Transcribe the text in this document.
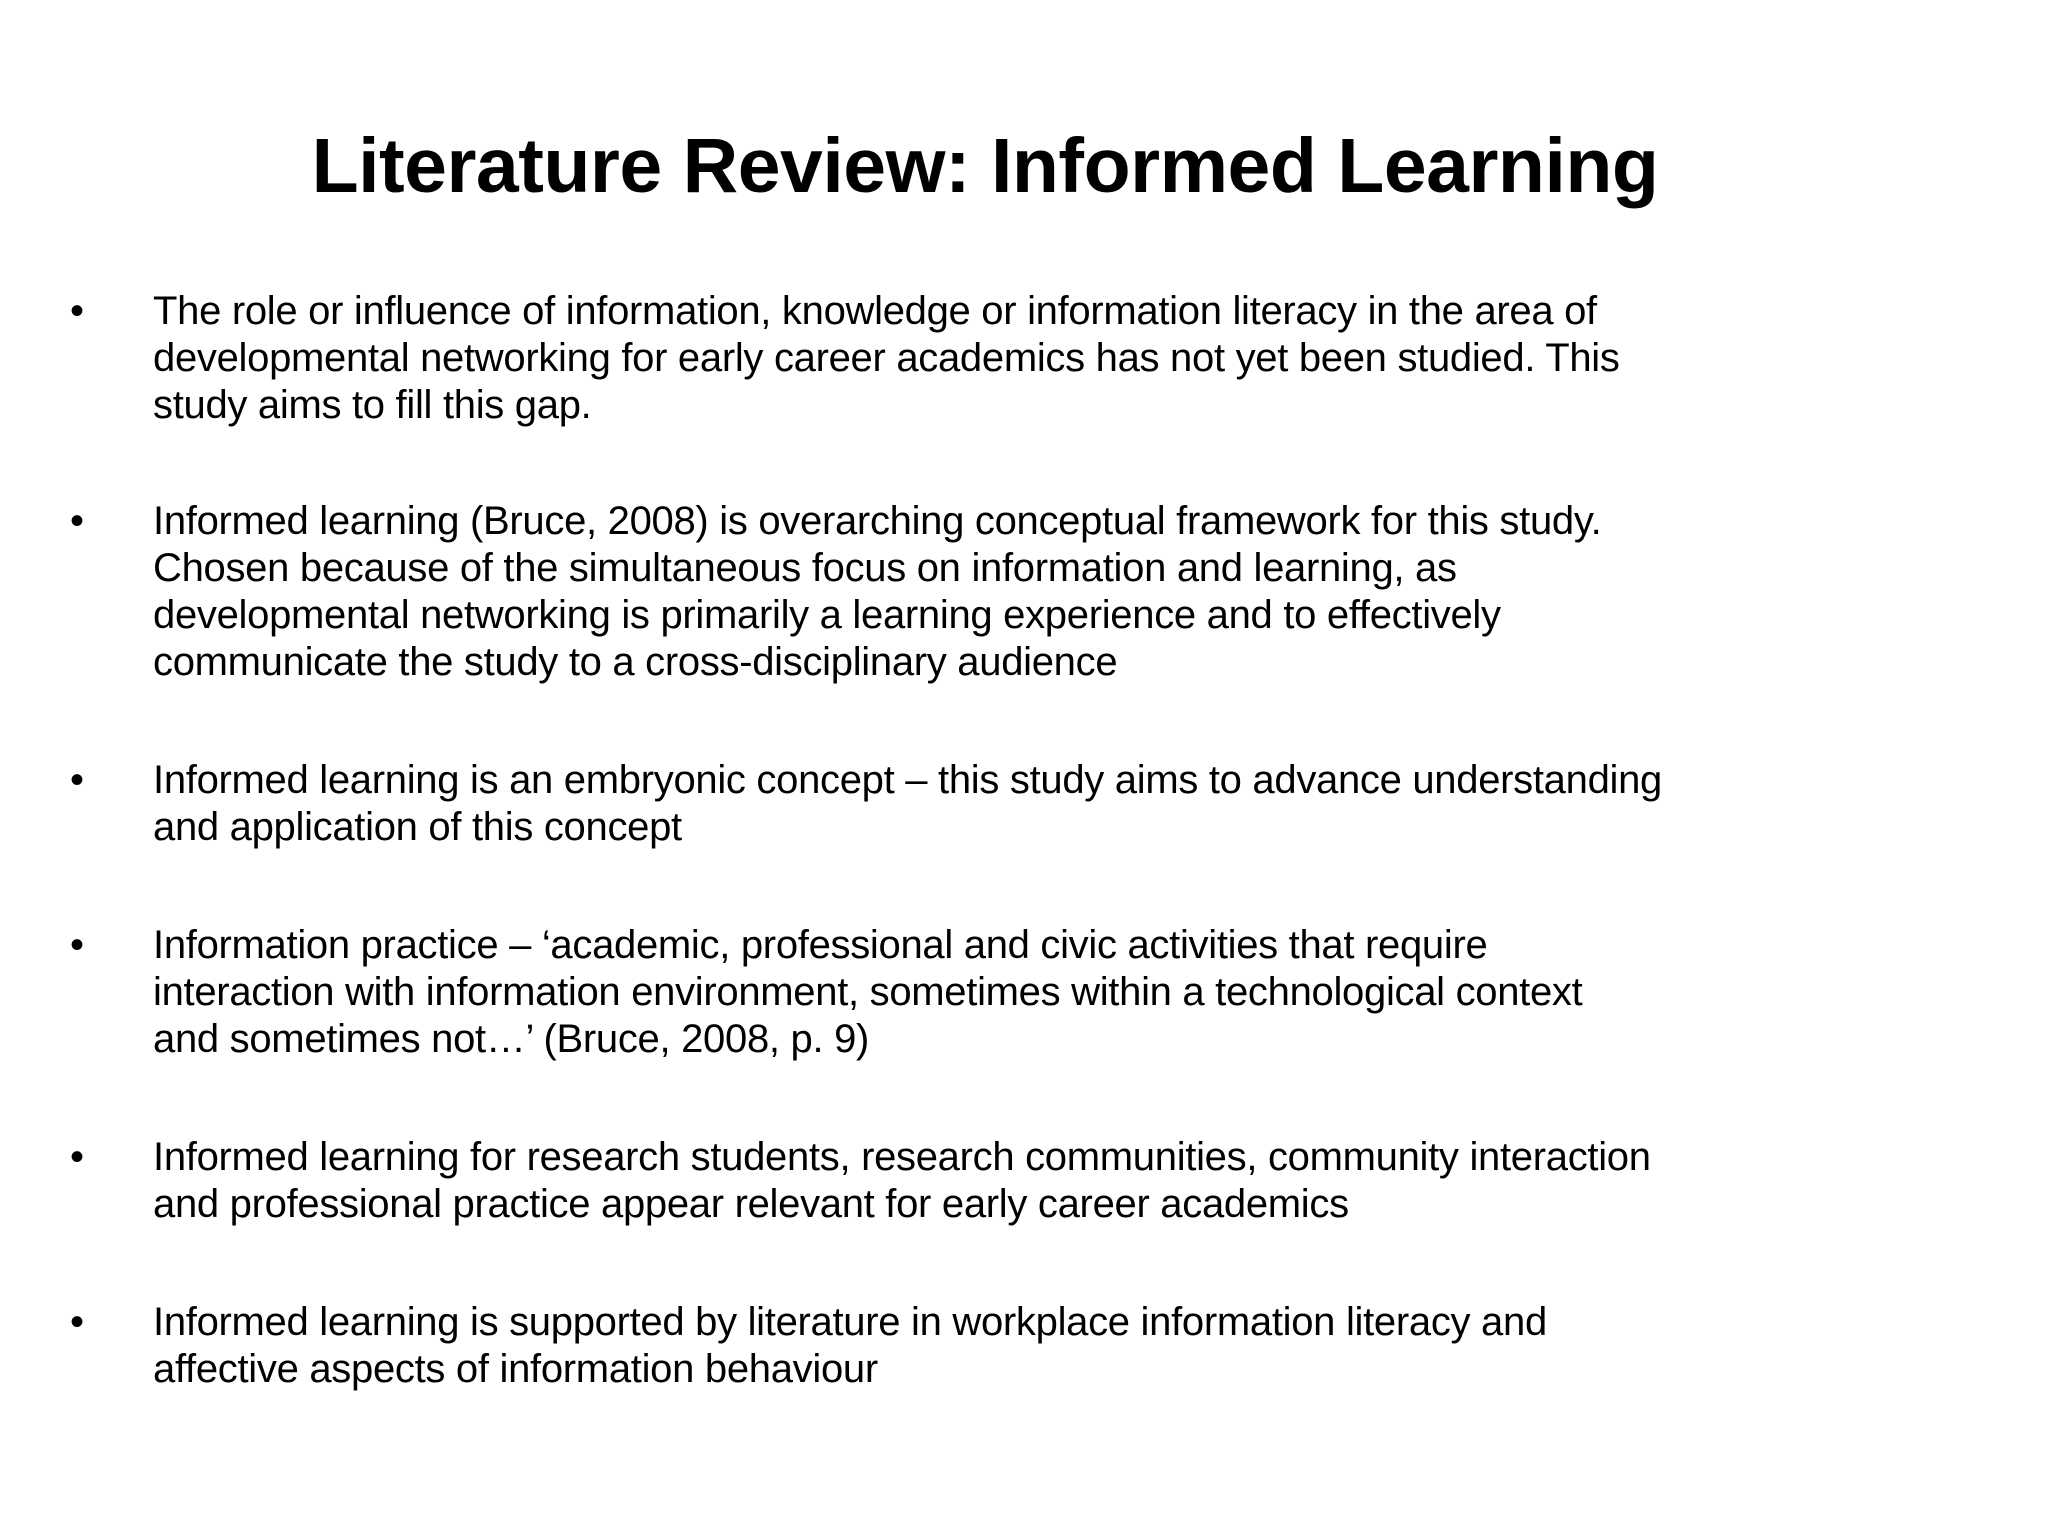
Literature Review: Informed Learning
• The role or influence of information, knowledge or information literacy in the area of
developmental networking for early career academics has not yet been studied. This
study aims to fill this gap.
• Informed learning (Bruce, 2008) is overarching conceptual framework for this study.
Chosen because of the simultaneous focus on information and learning, as
developmental networking is primarily a learning experience and to effectively
communicate the study to a cross-disciplinary audience
• Informed learning is an embryonic concept – this study aims to advance understanding
and application of this concept
• Information practice – ‘academic, professional and civic activities that require
interaction with information environment, sometimes within a technological context
and sometimes not…’ (Bruce, 2008, p. 9)
• Informed learning for research students, research communities, community interaction
and professional practice appear relevant for early career academics
• Informed learning is supported by literature in workplace information literacy and
affective aspects of information behaviour
